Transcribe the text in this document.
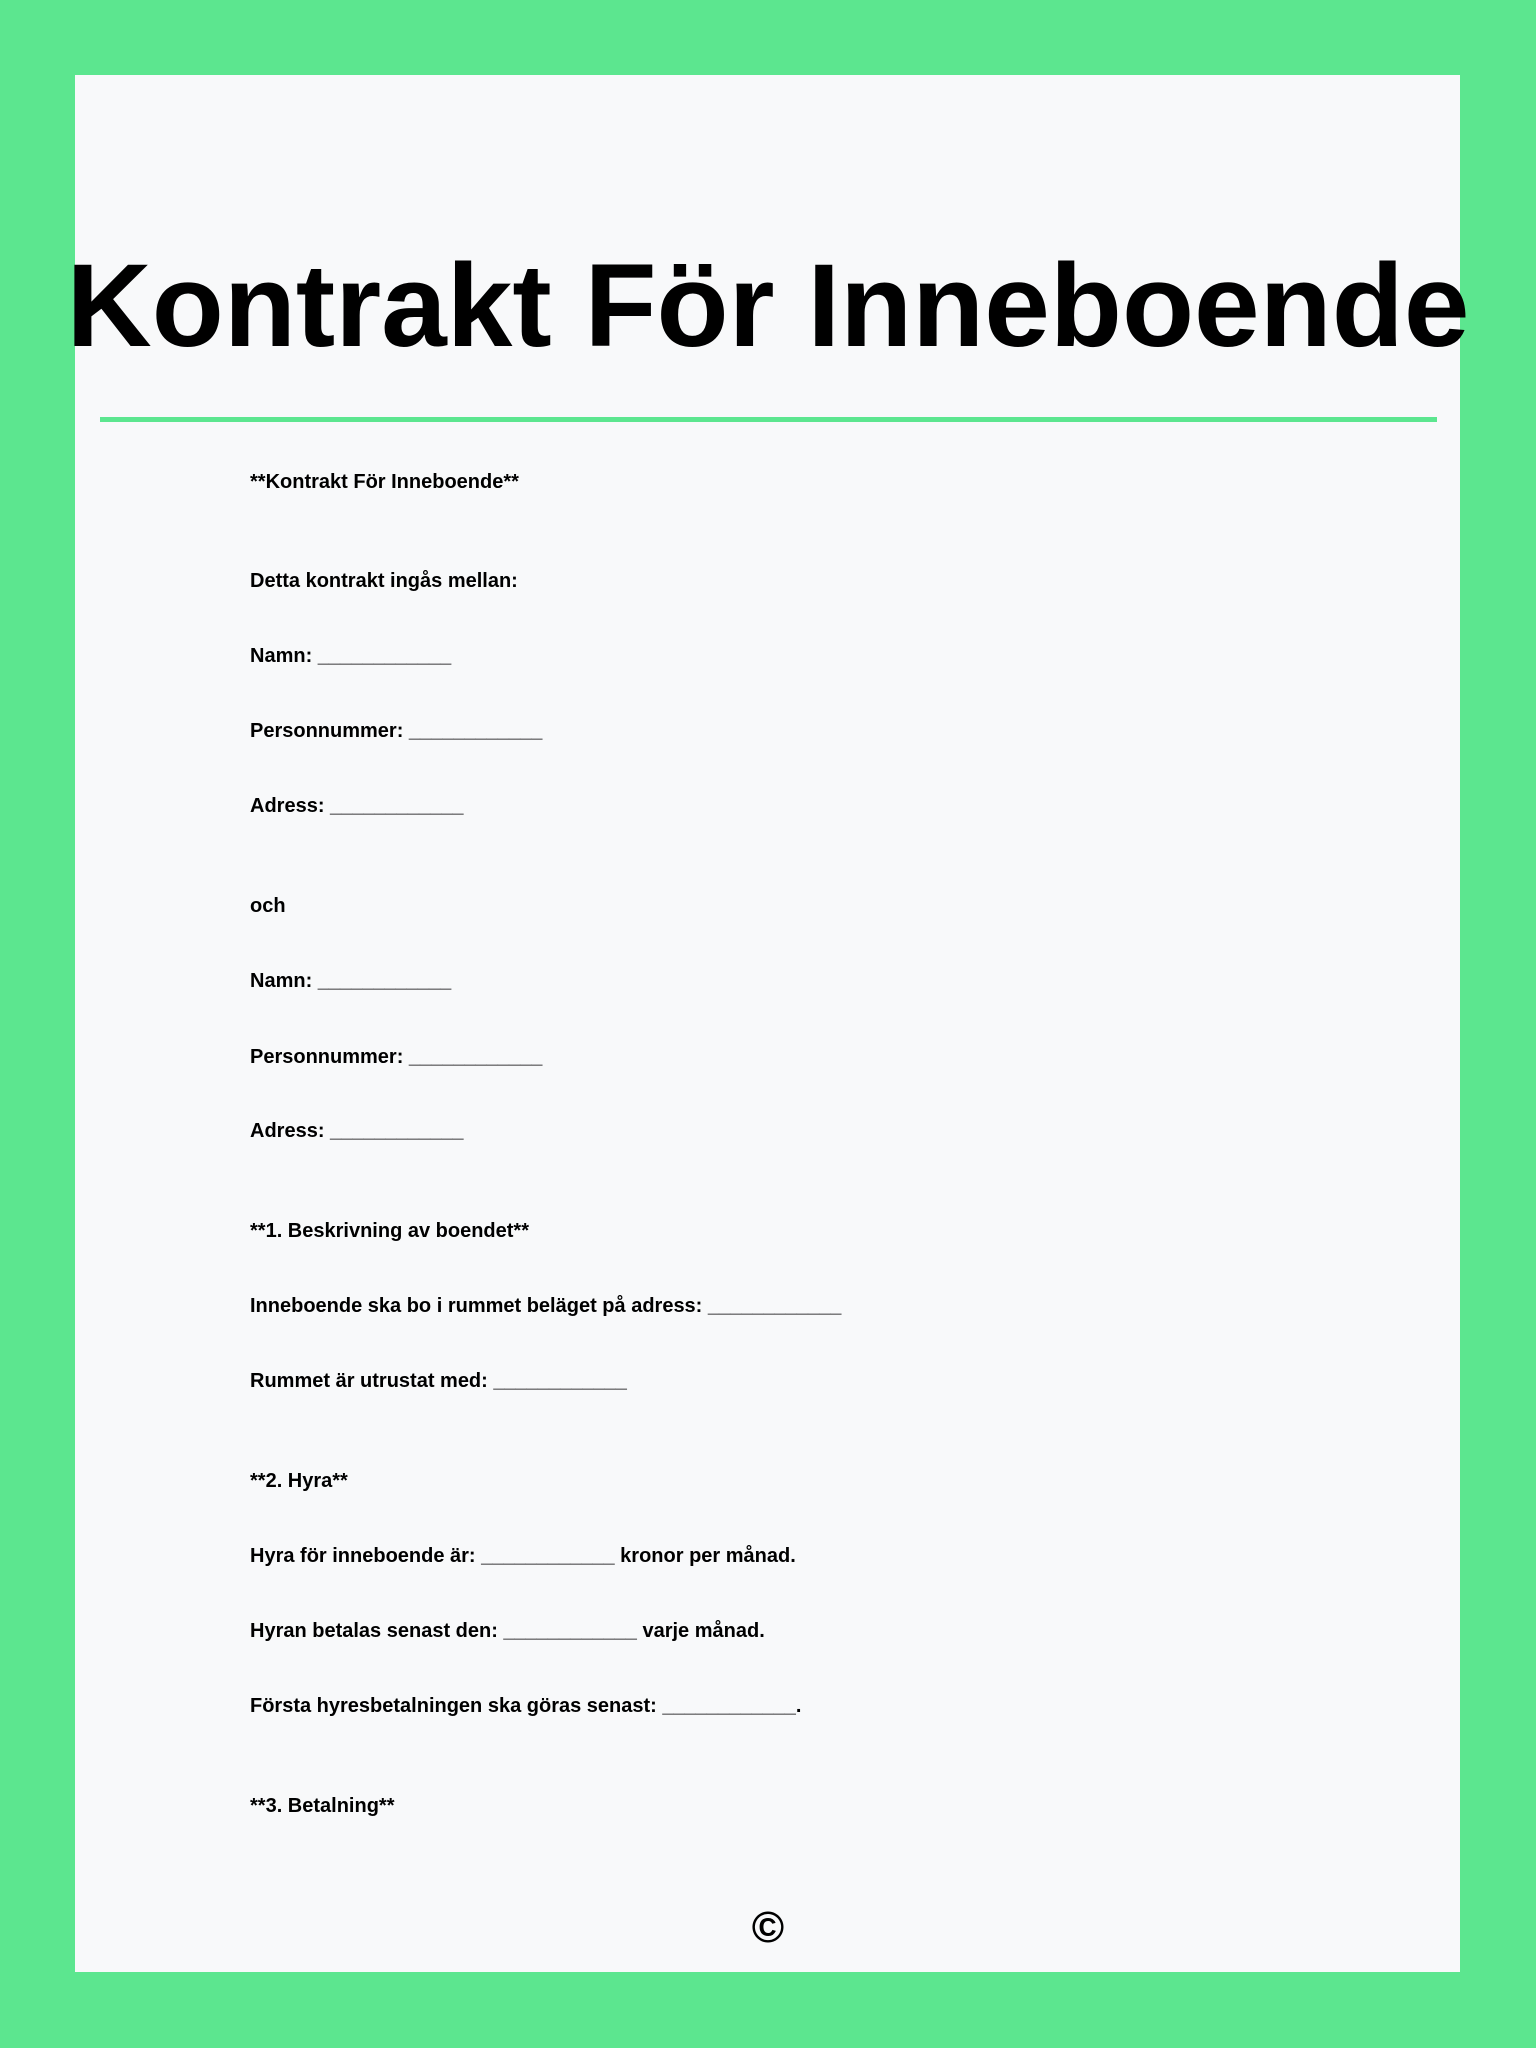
Kontrakt För Inneboende
**Kontrakt För Inneboende**
Detta kontrakt ingås mellan:
Namn: ____________
Personnummer: ____________
Adress: ____________
och
Namn: ____________
Personnummer: ____________
Adress: ____________
**1. Beskrivning av boendet**
Inneboende ska bo i rummet beläget på adress: ____________
Rummet är utrustat med: ____________
**2. Hyra**
Hyra för inneboende är: ____________ kronor per månad.
Hyran betalas senast den: ____________ varje månad.
Första hyresbetalningen ska göras senast: ____________.
**3. Betalning**
©
